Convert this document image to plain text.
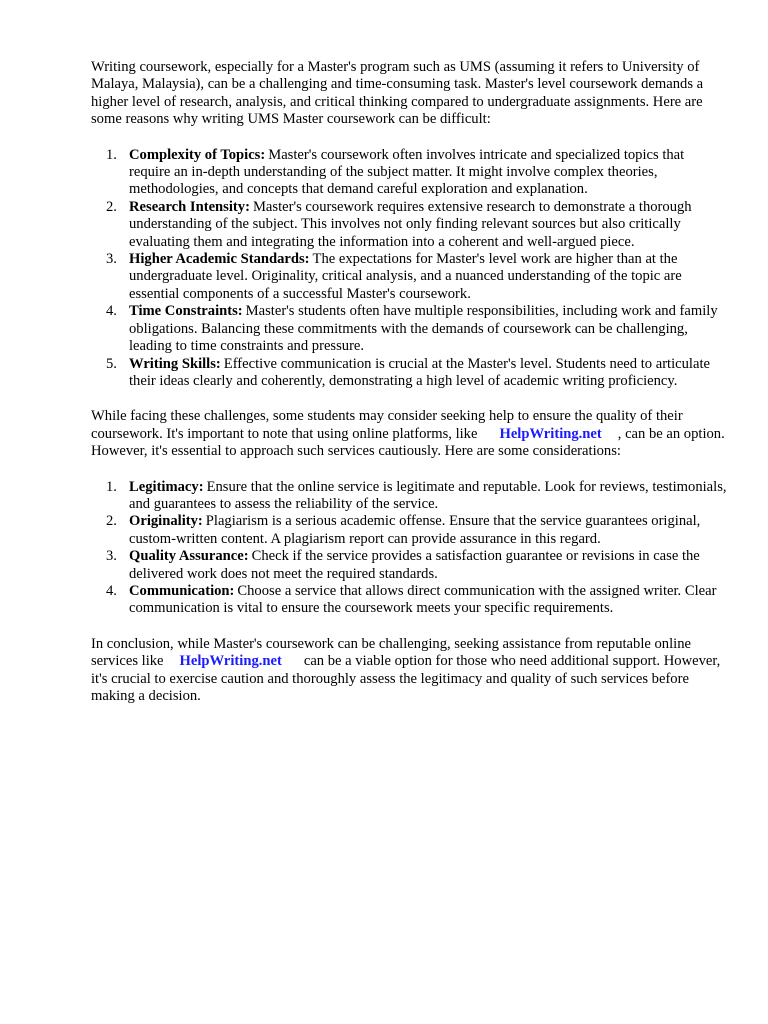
Writing coursework, especially for a Master's program such as UMS (assuming it refers to University of Malaya, Malaysia), can be a challenging and time-consuming task. Master's level coursework demands a higher level of research, analysis, and critical thinking compared to undergraduate assignments. Here are some reasons why writing UMS Master coursework can be difficult:

1. Complexity of Topics: Master's coursework often involves intricate and specialized topics that require an in-depth understanding of the subject matter. It might involve complex theories, methodologies, and concepts that demand careful exploration and explanation.
2. Research Intensity: Master's coursework requires extensive research to demonstrate a thorough understanding of the subject. This involves not only finding relevant sources but also critically evaluating them and integrating the information into a coherent and well-argued piece.
3. Higher Academic Standards: The expectations for Master's level work are higher than at the undergraduate level. Originality, critical analysis, and a nuanced understanding of the topic are essential components of a successful Master's coursework.
4. Time Constraints: Master's students often have multiple responsibilities, including work and family obligations. Balancing these commitments with the demands of coursework can be challenging, leading to time constraints and pressure.
5. Writing Skills: Effective communication is crucial at the Master's level. Students need to articulate their ideas clearly and coherently, demonstrating a high level of academic writing proficiency.

While facing these challenges, some students may consider seeking help to ensure the quality of their coursework. It's important to note that using online platforms, like HelpWriting.net , can be an option. However, it's essential to approach such services cautiously. Here are some considerations:

1. Legitimacy: Ensure that the online service is legitimate and reputable. Look for reviews, testimonials, and guarantees to assess the reliability of the service.
2. Originality: Plagiarism is a serious academic offense. Ensure that the service guarantees original, custom-written content. A plagiarism report can provide assurance in this regard.
3. Quality Assurance: Check if the service provides a satisfaction guarantee or revisions in case the delivered work does not meet the required standards.
4. Communication: Choose a service that allows direct communication with the assigned writer. Clear communication is vital to ensure the coursework meets your specific requirements.

In conclusion, while Master's coursework can be challenging, seeking assistance from reputable online services like HelpWriting.net can be a viable option for those who need additional support. However, it's crucial to exercise caution and thoroughly assess the legitimacy and quality of such services before making a decision.
